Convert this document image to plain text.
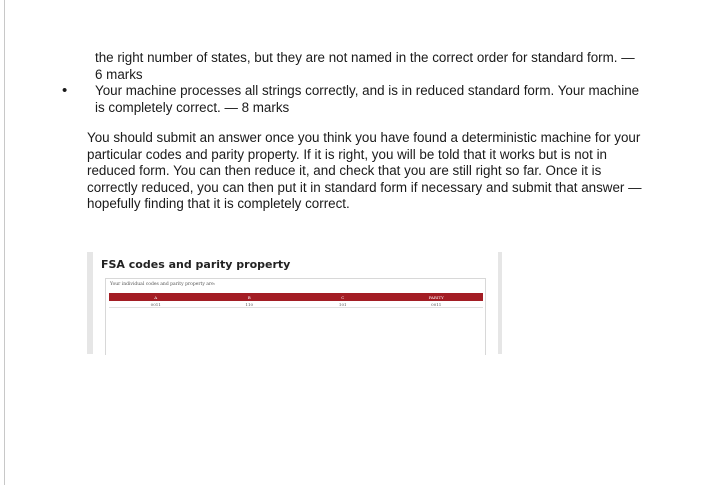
the right number of states, but they are not named in the correct order for standard form. — 6 marks
• Your machine processes all strings correctly, and is in reduced standard form. Your machine is completely correct. — 8 marks

You should submit an answer once you think you have found a deterministic machine for your particular codes and parity property. If it is right, you will be told that it works but is not in reduced form. You can then reduce it, and check that you are still right so far. Once it is correctly reduced, you can then put it in standard form if necessary and submit that answer — hopefully finding that it is completely correct.

FSA codes and parity property

Your individual codes and parity property are:
A	B	C	PARITY
0011	110	101	0011
